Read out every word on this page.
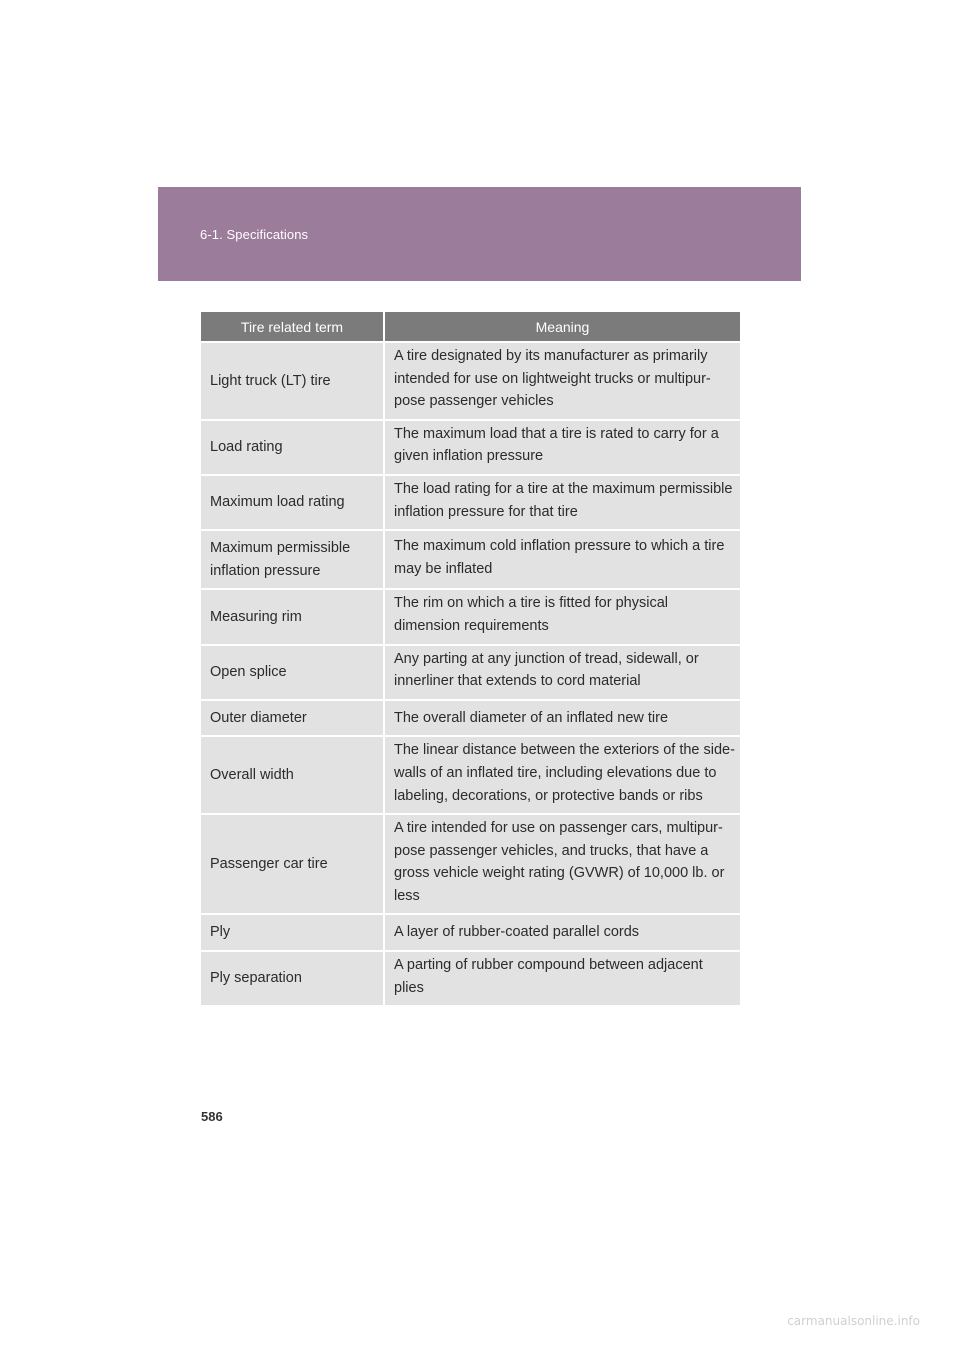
6-1. Specifications
Tire related term	Meaning
Light truck (LT) tire	A tire designated by its manufacturer as primarily intended for use on lightweight trucks or multipur-pose passenger vehicles
Load rating	The maximum load that a tire is rated to carry for a given inflation pressure
Maximum load rating	The load rating for a tire at the maximum permissible inflation pressure for that tire
Maximum permissible inflation pressure	The maximum cold inflation pressure to which a tire may be inflated
Measuring rim	The rim on which a tire is fitted for physical dimension requirements
Open splice	Any parting at any junction of tread, sidewall, or innerliner that extends to cord material
Outer diameter	The overall diameter of an inflated new tire
Overall width	The linear distance between the exteriors of the side-walls of an inflated tire, including elevations due to labeling, decorations, or protective bands or ribs
Passenger car tire	A tire intended for use on passenger cars, multipur-pose passenger vehicles, and trucks, that have a gross vehicle weight rating (GVWR) of 10,000 lb. or less
Ply	A layer of rubber-coated parallel cords
Ply separation	A parting of rubber compound between adjacent plies
586
carmanualsonline.info
